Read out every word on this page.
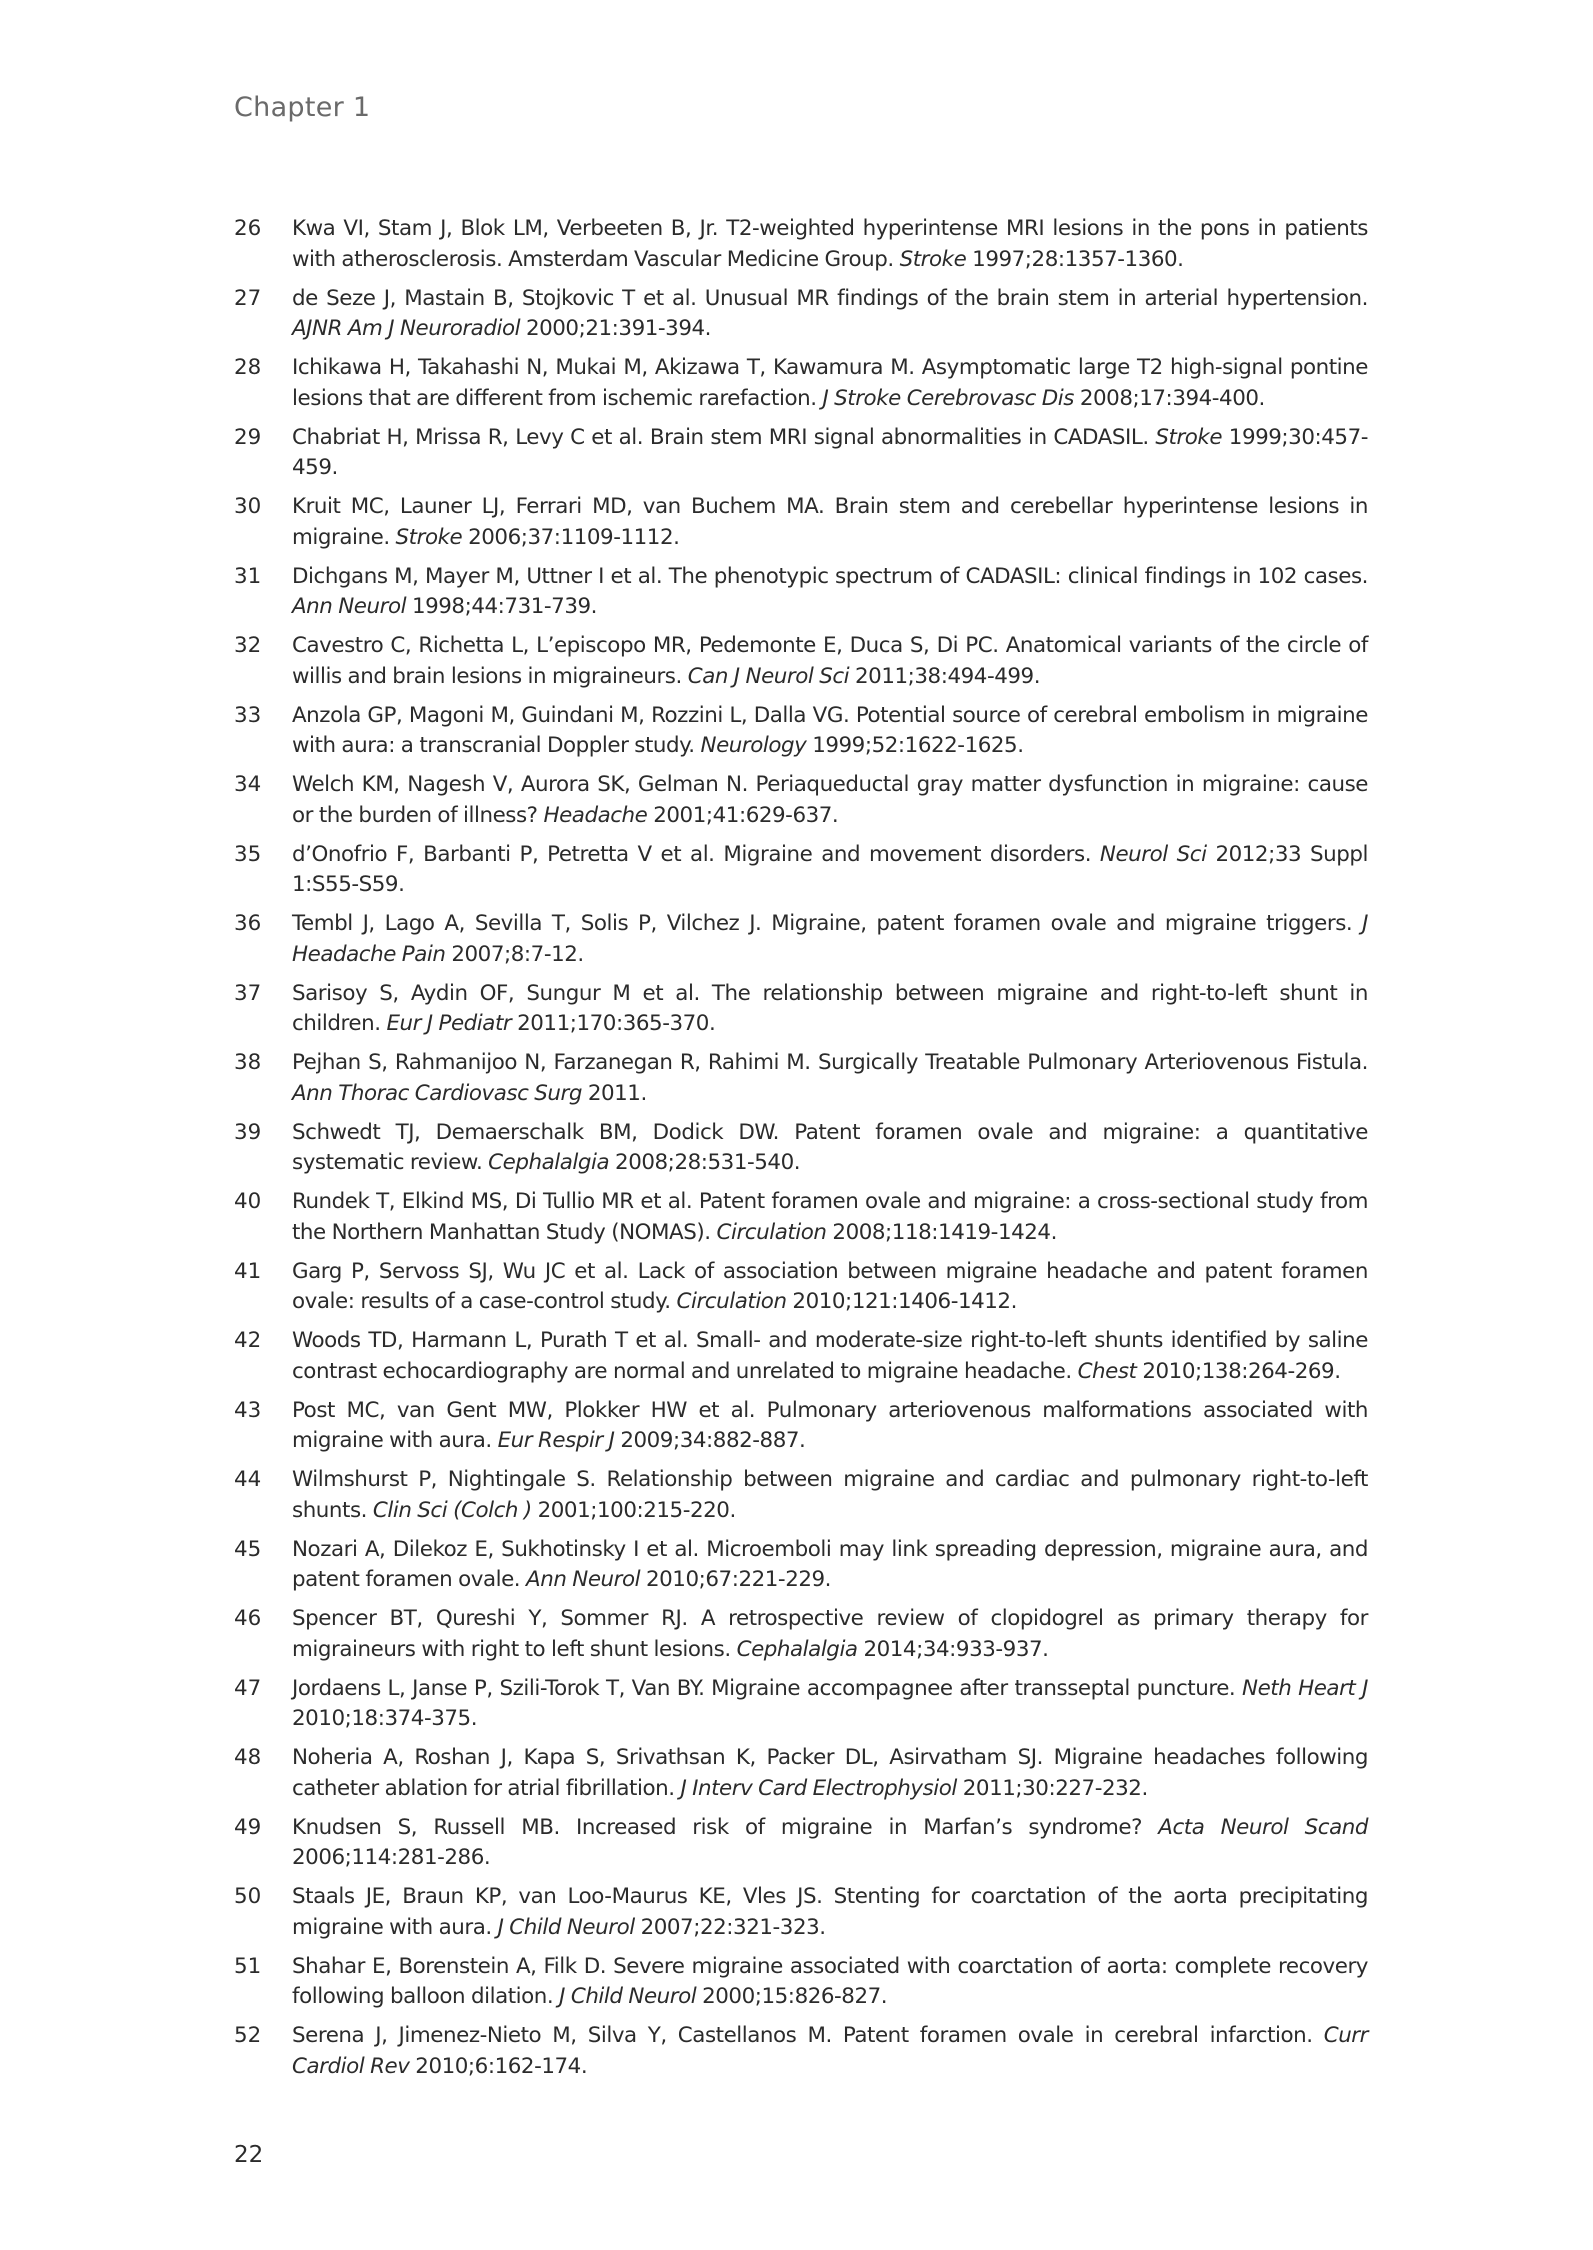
Chapter 1
26	Kwa VI, Stam J, Blok LM, Verbeeten B, Jr. T2-weighted hyperintense MRI lesions in the pons in patients with atherosclerosis. Amsterdam Vascular Medicine Group. Stroke 1997;28:1357-1360.
27	de Seze J, Mastain B, Stojkovic T et al. Unusual MR findings of the brain stem in arterial hypertension. AJNR Am J Neuroradiol 2000;21:391-394.
28	Ichikawa H, Takahashi N, Mukai M, Akizawa T, Kawamura M. Asymptomatic large T2 high-signal pontine lesions that are different from ischemic rarefaction. J Stroke Cerebrovasc Dis 2008;17:394-400.
29	Chabriat H, Mrissa R, Levy C et al. Brain stem MRI signal abnormalities in CADASIL. Stroke 1999;30:457-459.
30	Kruit MC, Launer LJ, Ferrari MD, van Buchem MA. Brain stem and cerebellar hyperintense lesions in migraine. Stroke 2006;37:1109-1112.
31	Dichgans M, Mayer M, Uttner I et al. The phenotypic spectrum of CADASIL: clinical findings in 102 cases. Ann Neurol 1998;44:731-739.
32	Cavestro C, Richetta L, L’episcopo MR, Pedemonte E, Duca S, Di PC. Anatomical variants of the circle of willis and brain lesions in migraineurs. Can J Neurol Sci 2011;38:494-499.
33	Anzola GP, Magoni M, Guindani M, Rozzini L, Dalla VG. Potential source of cerebral embolism in migraine with aura: a transcranial Doppler study. Neurology 1999;52:1622-1625.
34	Welch KM, Nagesh V, Aurora SK, Gelman N. Periaqueductal gray matter dysfunction in migraine: cause or the burden of illness? Headache 2001;41:629-637.
35	d’Onofrio F, Barbanti P, Petretta V et al. Migraine and movement disorders. Neurol Sci 2012;33 Suppl 1:S55-S59.
36	Tembl J, Lago A, Sevilla T, Solis P, Vilchez J. Migraine, patent foramen ovale and migraine triggers. J Headache Pain 2007;8:7-12.
37	Sarisoy S, Aydin OF, Sungur M et al. The relationship between migraine and right-to-left shunt in children. Eur J Pediatr 2011;170:365-370.
38	Pejhan S, Rahmanijoo N, Farzanegan R, Rahimi M. Surgically Treatable Pulmonary Arteriovenous Fistula. Ann Thorac Cardiovasc Surg 2011.
39	Schwedt TJ, Demaerschalk BM, Dodick DW. Patent foramen ovale and migraine: a quantitative systematic review. Cephalalgia 2008;28:531-540.
40	Rundek T, Elkind MS, Di Tullio MR et al. Patent foramen ovale and migraine: a cross-sectional study from the Northern Manhattan Study (NOMAS). Circulation 2008;118:1419-1424.
41	Garg P, Servoss SJ, Wu JC et al. Lack of association between migraine headache and patent foramen ovale: results of a case-control study. Circulation 2010;121:1406-1412.
42	Woods TD, Harmann L, Purath T et al. Small- and moderate-size right-to-left shunts identified by saline contrast echocardiography are normal and unrelated to migraine headache. Chest 2010;138:264-269.
43	Post MC, van Gent MW, Plokker HW et al. Pulmonary arteriovenous malformations associated with migraine with aura. Eur Respir J 2009;34:882-887.
44	Wilmshurst P, Nightingale S. Relationship between migraine and cardiac and pulmonary right-to-left shunts. Clin Sci (Colch ) 2001;100:215-220.
45	Nozari A, Dilekoz E, Sukhotinsky I et al. Microemboli may link spreading depression, migraine aura, and patent foramen ovale. Ann Neurol 2010;67:221-229.
46	Spencer BT, Qureshi Y, Sommer RJ. A retrospective review of clopidogrel as primary therapy for migraineurs with right to left shunt lesions. Cephalalgia 2014;34:933-937.
47	Jordaens L, Janse P, Szili-Torok T, Van BY. Migraine accompagnee after transseptal puncture. Neth Heart J 2010;18:374-375.
48	Noheria A, Roshan J, Kapa S, Srivathsan K, Packer DL, Asirvatham SJ. Migraine headaches following catheter ablation for atrial fibrillation. J Interv Card Electrophysiol 2011;30:227-232.
49	Knudsen S, Russell MB. Increased risk of migraine in Marfan’s syndrome? Acta Neurol Scand 2006;114:281-286.
50	Staals JE, Braun KP, van Loo-Maurus KE, Vles JS. Stenting for coarctation of the aorta precipitating migraine with aura. J Child Neurol 2007;22:321-323.
51	Shahar E, Borenstein A, Filk D. Severe migraine associated with coarctation of aorta: complete recovery following balloon dilation. J Child Neurol 2000;15:826-827.
52	Serena J, Jimenez-Nieto M, Silva Y, Castellanos M. Patent foramen ovale in cerebral infarction. Curr Cardiol Rev 2010;6:162-174.
22
